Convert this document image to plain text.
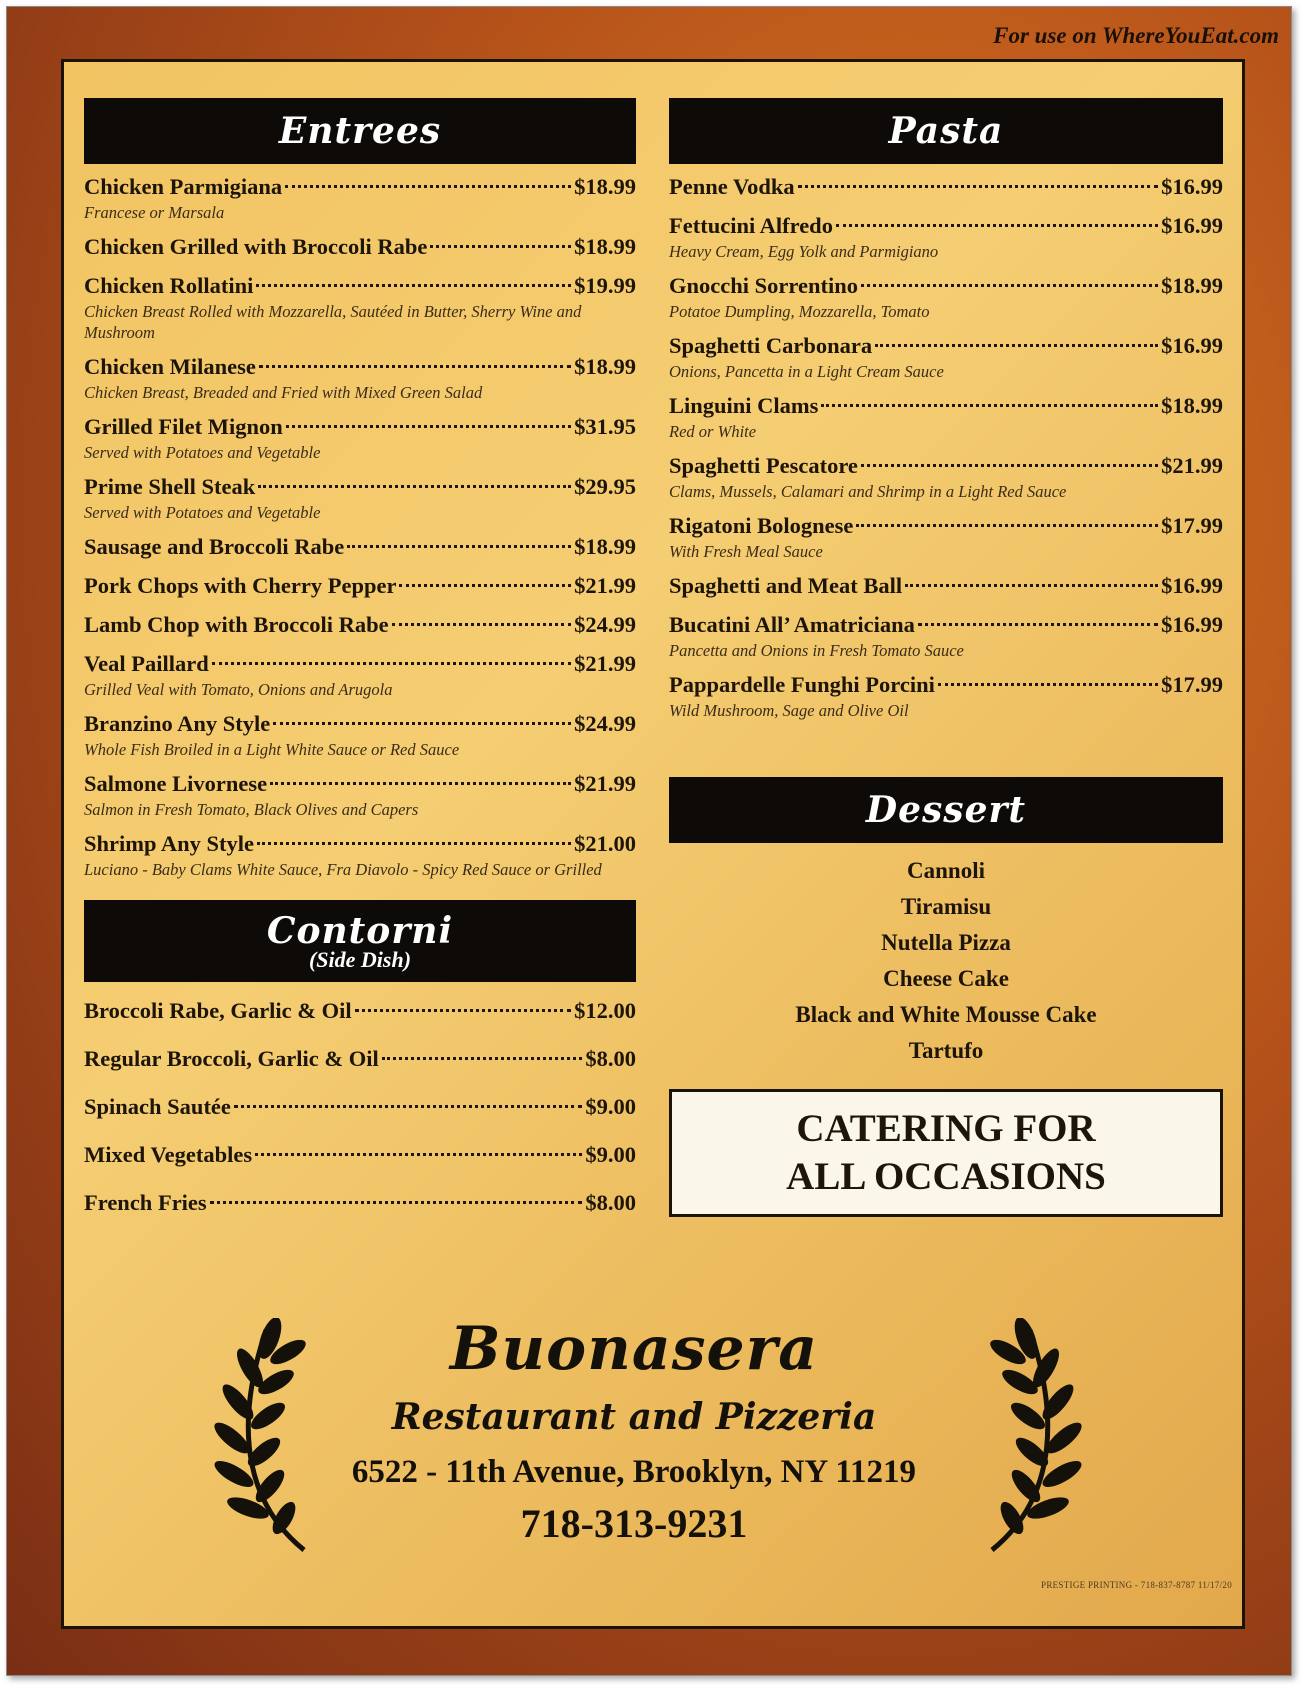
For use on WhereYouEat.com
Entrees
Chicken Parmigiana	$18.99
Francese or Marsala
Chicken Grilled with Broccoli Rabe	$18.99
Chicken Rollatini	$19.99
Chicken Breast Rolled with Mozzarella, Sautéed in Butter, Sherry Wine and Mushroom
Chicken Milanese	$18.99
Chicken Breast, Breaded and Fried with Mixed Green Salad
Grilled Filet Mignon	$31.95
Served with Potatoes and Vegetable
Prime Shell Steak	$29.95
Served with Potatoes and Vegetable
Sausage and Broccoli Rabe	$18.99
Pork Chops with Cherry Pepper	$21.99
Lamb Chop with Broccoli Rabe	$24.99
Veal Paillard	$21.99
Grilled Veal with Tomato, Onions and Arugola
Branzino Any Style	$24.99
Whole Fish Broiled in a Light White Sauce or Red Sauce
Salmone Livornese	$21.99
Salmon in Fresh Tomato, Black Olives and Capers
Shrimp Any Style	$21.00
Luciano - Baby Clams White Sauce, Fra Diavolo - Spicy Red Sauce or Grilled
Contorni
(Side Dish)
Broccoli Rabe, Garlic & Oil	$12.00
Regular Broccoli, Garlic & Oil	$8.00
Spinach Sautée	$9.00
Mixed Vegetables	$9.00
French Fries	$8.00
Pasta
Penne Vodka	$16.99
Fettucini Alfredo	$16.99
Heavy Cream, Egg Yolk and Parmigiano
Gnocchi Sorrentino	$18.99
Potatoe Dumpling, Mozzarella, Tomato
Spaghetti Carbonara	$16.99
Onions, Pancetta in a Light Cream Sauce
Linguini Clams	$18.99
Red or White
Spaghetti Pescatore	$21.99
Clams, Mussels, Calamari and Shrimp in a Light Red Sauce
Rigatoni Bolognese	$17.99
With Fresh Meal Sauce
Spaghetti and Meat Ball	$16.99
Bucatini All’ Amatriciana	$16.99
Pancetta and Onions in Fresh Tomato Sauce
Pappardelle Funghi Porcini	$17.99
Wild Mushroom, Sage and Olive Oil
Dessert
Cannoli
Tiramisu
Nutella Pizza
Cheese Cake
Black and White Mousse Cake
Tartufo
CATERING FOR
ALL OCCASIONS
Buonasera
Restaurant and Pizzeria
6522 - 11th Avenue, Brooklyn, NY 11219
718-313-9231
PRESTIGE PRINTING - 718-837-8787 11/17/20
